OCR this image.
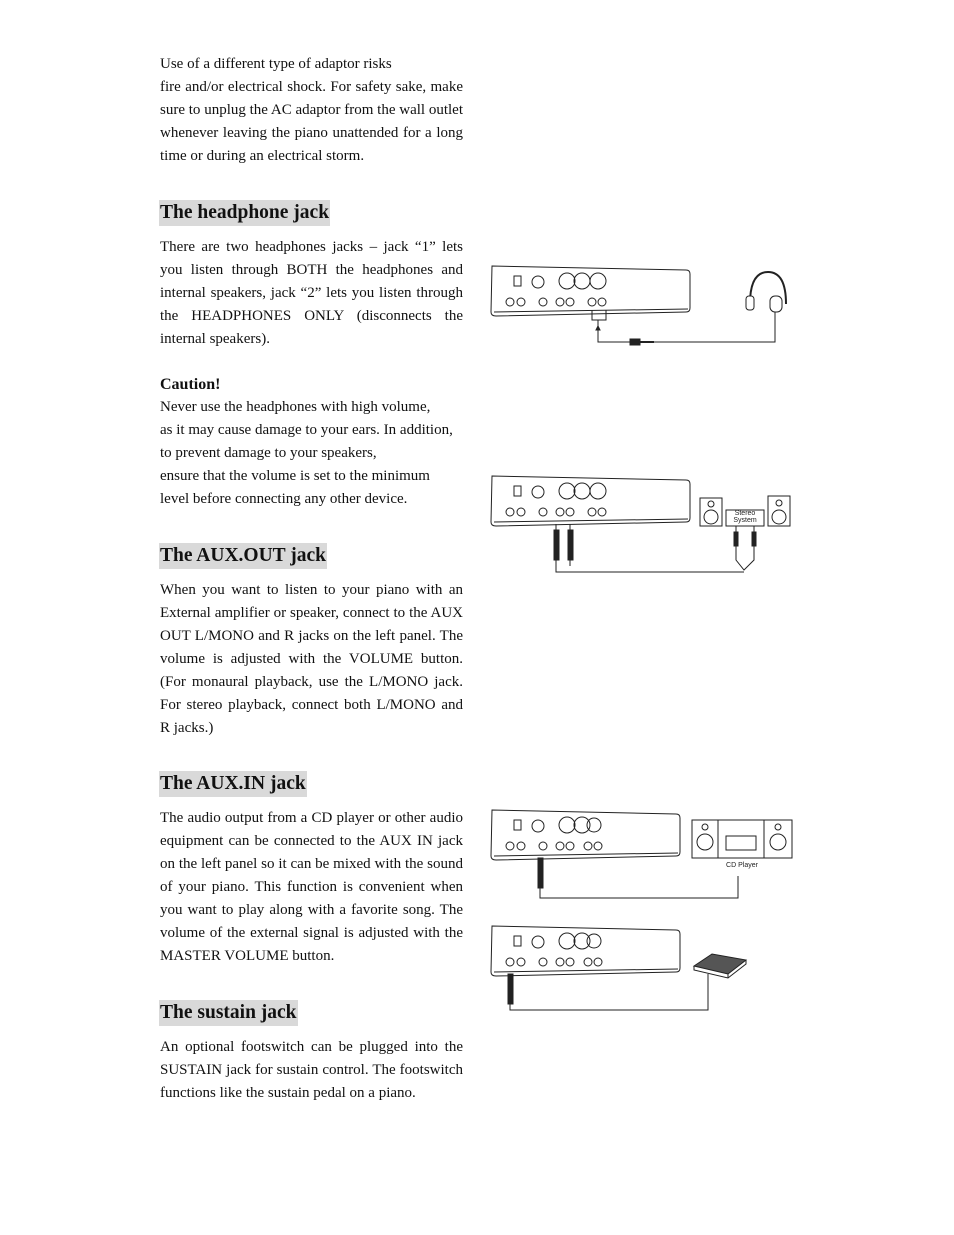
Use of a different type of adaptor risks

fire and/or electrical shock. For safety sake, make sure to unplug the AC adaptor from the wall outlet whenever leaving the piano unattended for a long time or during an electrical storm.

The headphone jack
There are two headphones jacks – jack “1” lets you listen through BOTH the headphones and internal speakers, jack “2” lets you listen through the HEADPHONES ONLY (disconnects the internal speakers).
Caution!
Never use the headphones with high volume,
as it may cause damage to your ears. In addition,
to prevent damage to your speakers,
ensure that the volume is set to the minimum
level before connecting any other device.
The AUX.OUT jack
When you want to listen to your piano with an External amplifier or speaker, connect to the AUX OUT L/MONO and R jacks on the left panel. The volume is adjusted with the VOLUME button. (For monaural playback, use the L/MONO jack. For stereo playback, connect both L/MONO and R jacks.)
The AUX.IN jack
The audio output from a CD player or other audio equipment can be connected to the AUX IN jack on the left panel so it can be mixed with the sound of your piano. This function is convenient when you want to play along with a favorite song. The volume of the external signal is adjusted with the MASTER VOLUME button.
The sustain jack
An optional footswitch can be plugged into the SUSTAIN jack for sustain control. The footswitch functions like the sustain pedal on a piano.
Stereo
System
CD Player
